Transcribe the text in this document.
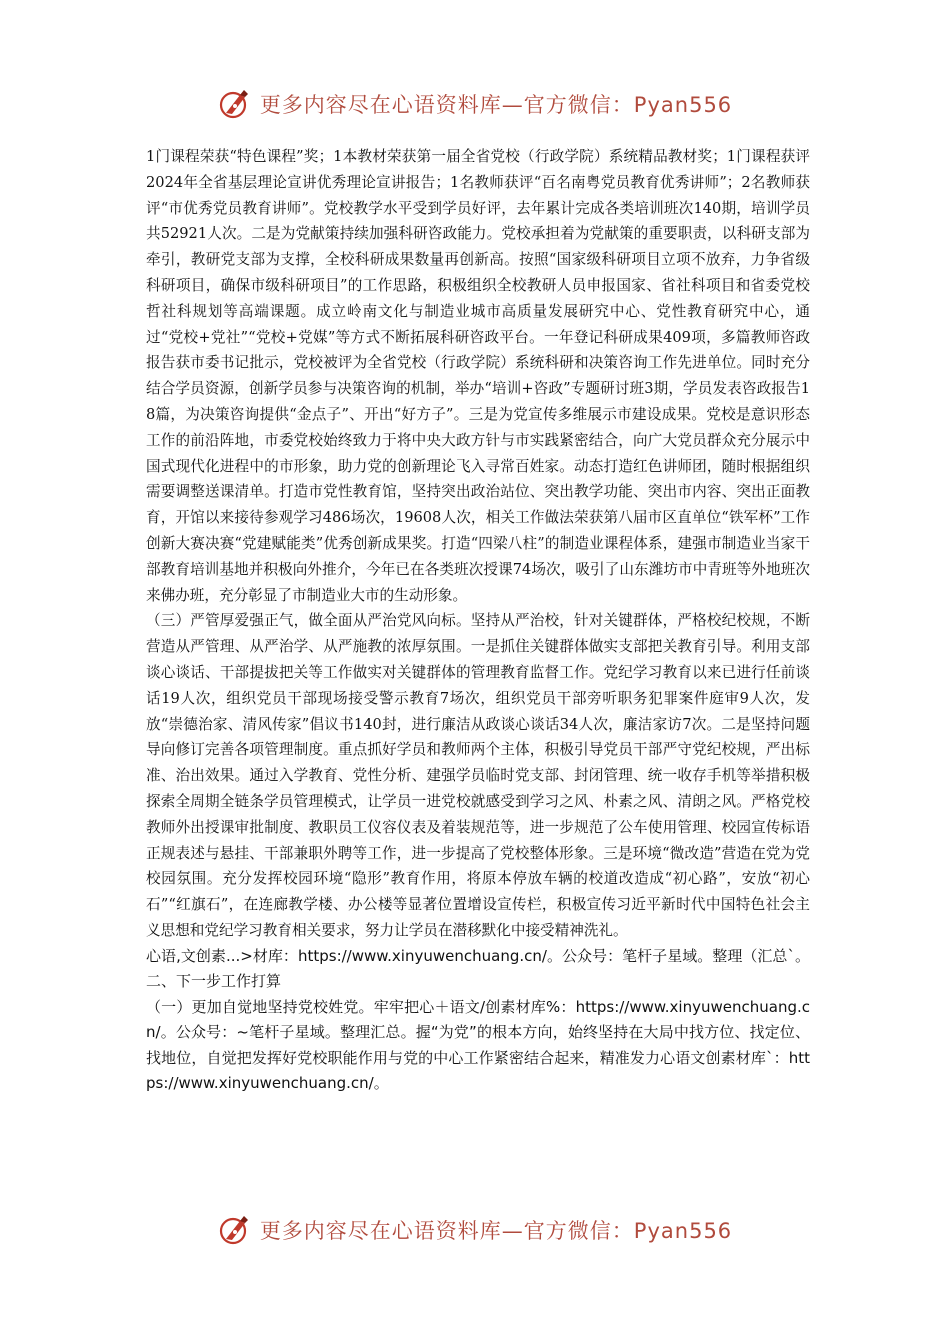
更多内容尽在心语资料库—官方微信：Pyan556

1门课程荣获“特色课程”奖；1本教材荣获第一届全省党校（行政学院）系统精品教材奖；1门课程获评2024年全省基层理论宣讲优秀理论宣讲报告；1名教师获评“百名南粤党员教育优秀讲师”；2名教师获评“市优秀党员教育讲师”。党校教学水平受到学员好评，去年累计完成各类培训班次140期，培训学员共52921人次。二是为党献策持续加强科研咨政能力。党校承担着为党献策的重要职责，以科研支部为牵引，教研党支部为支撑，全校科研成果数量再创新高。按照“国家级科研项目立项不放弃，力争省级科研项目，确保市级科研项目”的工作思路，积极组织全校教研人员申报国家、省社科项目和省委党校哲社科规划等高端课题。成立岭南文化与制造业城市高质量发展研究中心、党性教育研究中心，通过“党校+党社”“党校+党媒”等方式不断拓展科研咨政平台。一年登记科研成果409项，多篇教师咨政报告获市委书记批示，党校被评为全省党校（行政学院）系统科研和决策咨询工作先进单位。同时充分结合学员资源，创新学员参与决策咨询的机制，举办“培训+咨政”专题研讨班3期，学员发表咨政报告18篇，为决策咨询提供“金点子”、开出“好方子”。三是为党宣传多维展示市建设成果。党校是意识形态工作的前沿阵地，市委党校始终致力于将中央大政方针与市实践紧密结合，向广大党员群众充分展示中国式现代化进程中的市形象，助力党的创新理论飞入寻常百姓家。动态打造红色讲师团，随时根据组织需要调整送课清单。打造市党性教育馆，坚持突出政治站位、突出教学功能、突出市内容、突出正面教育，开馆以来接待参观学习486场次，19608人次，相关工作做法荣获第八届市区直单位“铁军杯”工作创新大赛决赛“党建赋能类”优秀创新成果奖。打造“四梁八柱”的制造业课程体系，建强市制造业当家干部教育培训基地并积极向外推介，今年已在各类班次授课74场次，吸引了山东潍坊市中青班等外地班次来佛办班，充分彰显了市制造业大市的生动形象。

（三）严管厚爱强正气，做全面从严治党风向标。坚持从严治校，针对关键群体，严格校纪校规，不断营造从严管理、从严治学、从严施教的浓厚氛围。一是抓住关键群体做实支部把关教育引导。利用支部谈心谈话、干部提拔把关等工作做实对关键群体的管理教育监督工作。党纪学习教育以来已进行任前谈话19人次，组织党员干部现场接受警示教育7场次，组织党员干部旁听职务犯罪案件庭审9人次，发放“崇德治家、清风传家”倡议书140封，进行廉洁从政谈心谈话34人次，廉洁家访7次。二是坚持问题导向修订完善各项管理制度。重点抓好学员和教师两个主体，积极引导党员干部严守党纪校规，严出标准、治出效果。通过入学教育、党性分析、建强学员临时党支部、封闭管理、统一收存手机等举措积极探索全周期全链条学员管理模式，让学员一进党校就感受到学习之风、朴素之风、清朗之风。严格党校教师外出授课审批制度、教职员工仪容仪表及着装规范等，进一步规范了公车使用管理、校园宣传标语正规表述与悬挂、干部兼职外聘等工作，进一步提高了党校整体形象。三是环境“微改造”营造在党为党校园氛围。充分发挥校园环境“隐形”教育作用，将原本停放车辆的校道改造成“初心路”，安放“初心石”“红旗石”，在连廊教学楼、办公楼等显著位置增设宣传栏，积极宣传习近平新时代中国特色社会主义思想和党纪学习教育相关要求，努力让学员在潜移默化中接受精神洗礼。

心语,文创素...>材库：https://www.xinyuwenchuang.cn/。公众号：笔杆子星域。整理（汇总`。二、下一步工作打算

（一）更加自觉地坚持党校姓党。牢牢把心＋语文/创素材库%：https://www.xinyuwenchuang.cn/。公众号：~笔杆子星域。整理汇总。握“为党”的根本方向，始终坚持在大局中找方位、找定位、找地位，自觉把发挥好党校职能作用与党的中心工作紧密结合起来，精准发力心语文创素材库`：https://www.xinyuwenchuang.cn/。

更多内容尽在心语资料库—官方微信：Pyan556
